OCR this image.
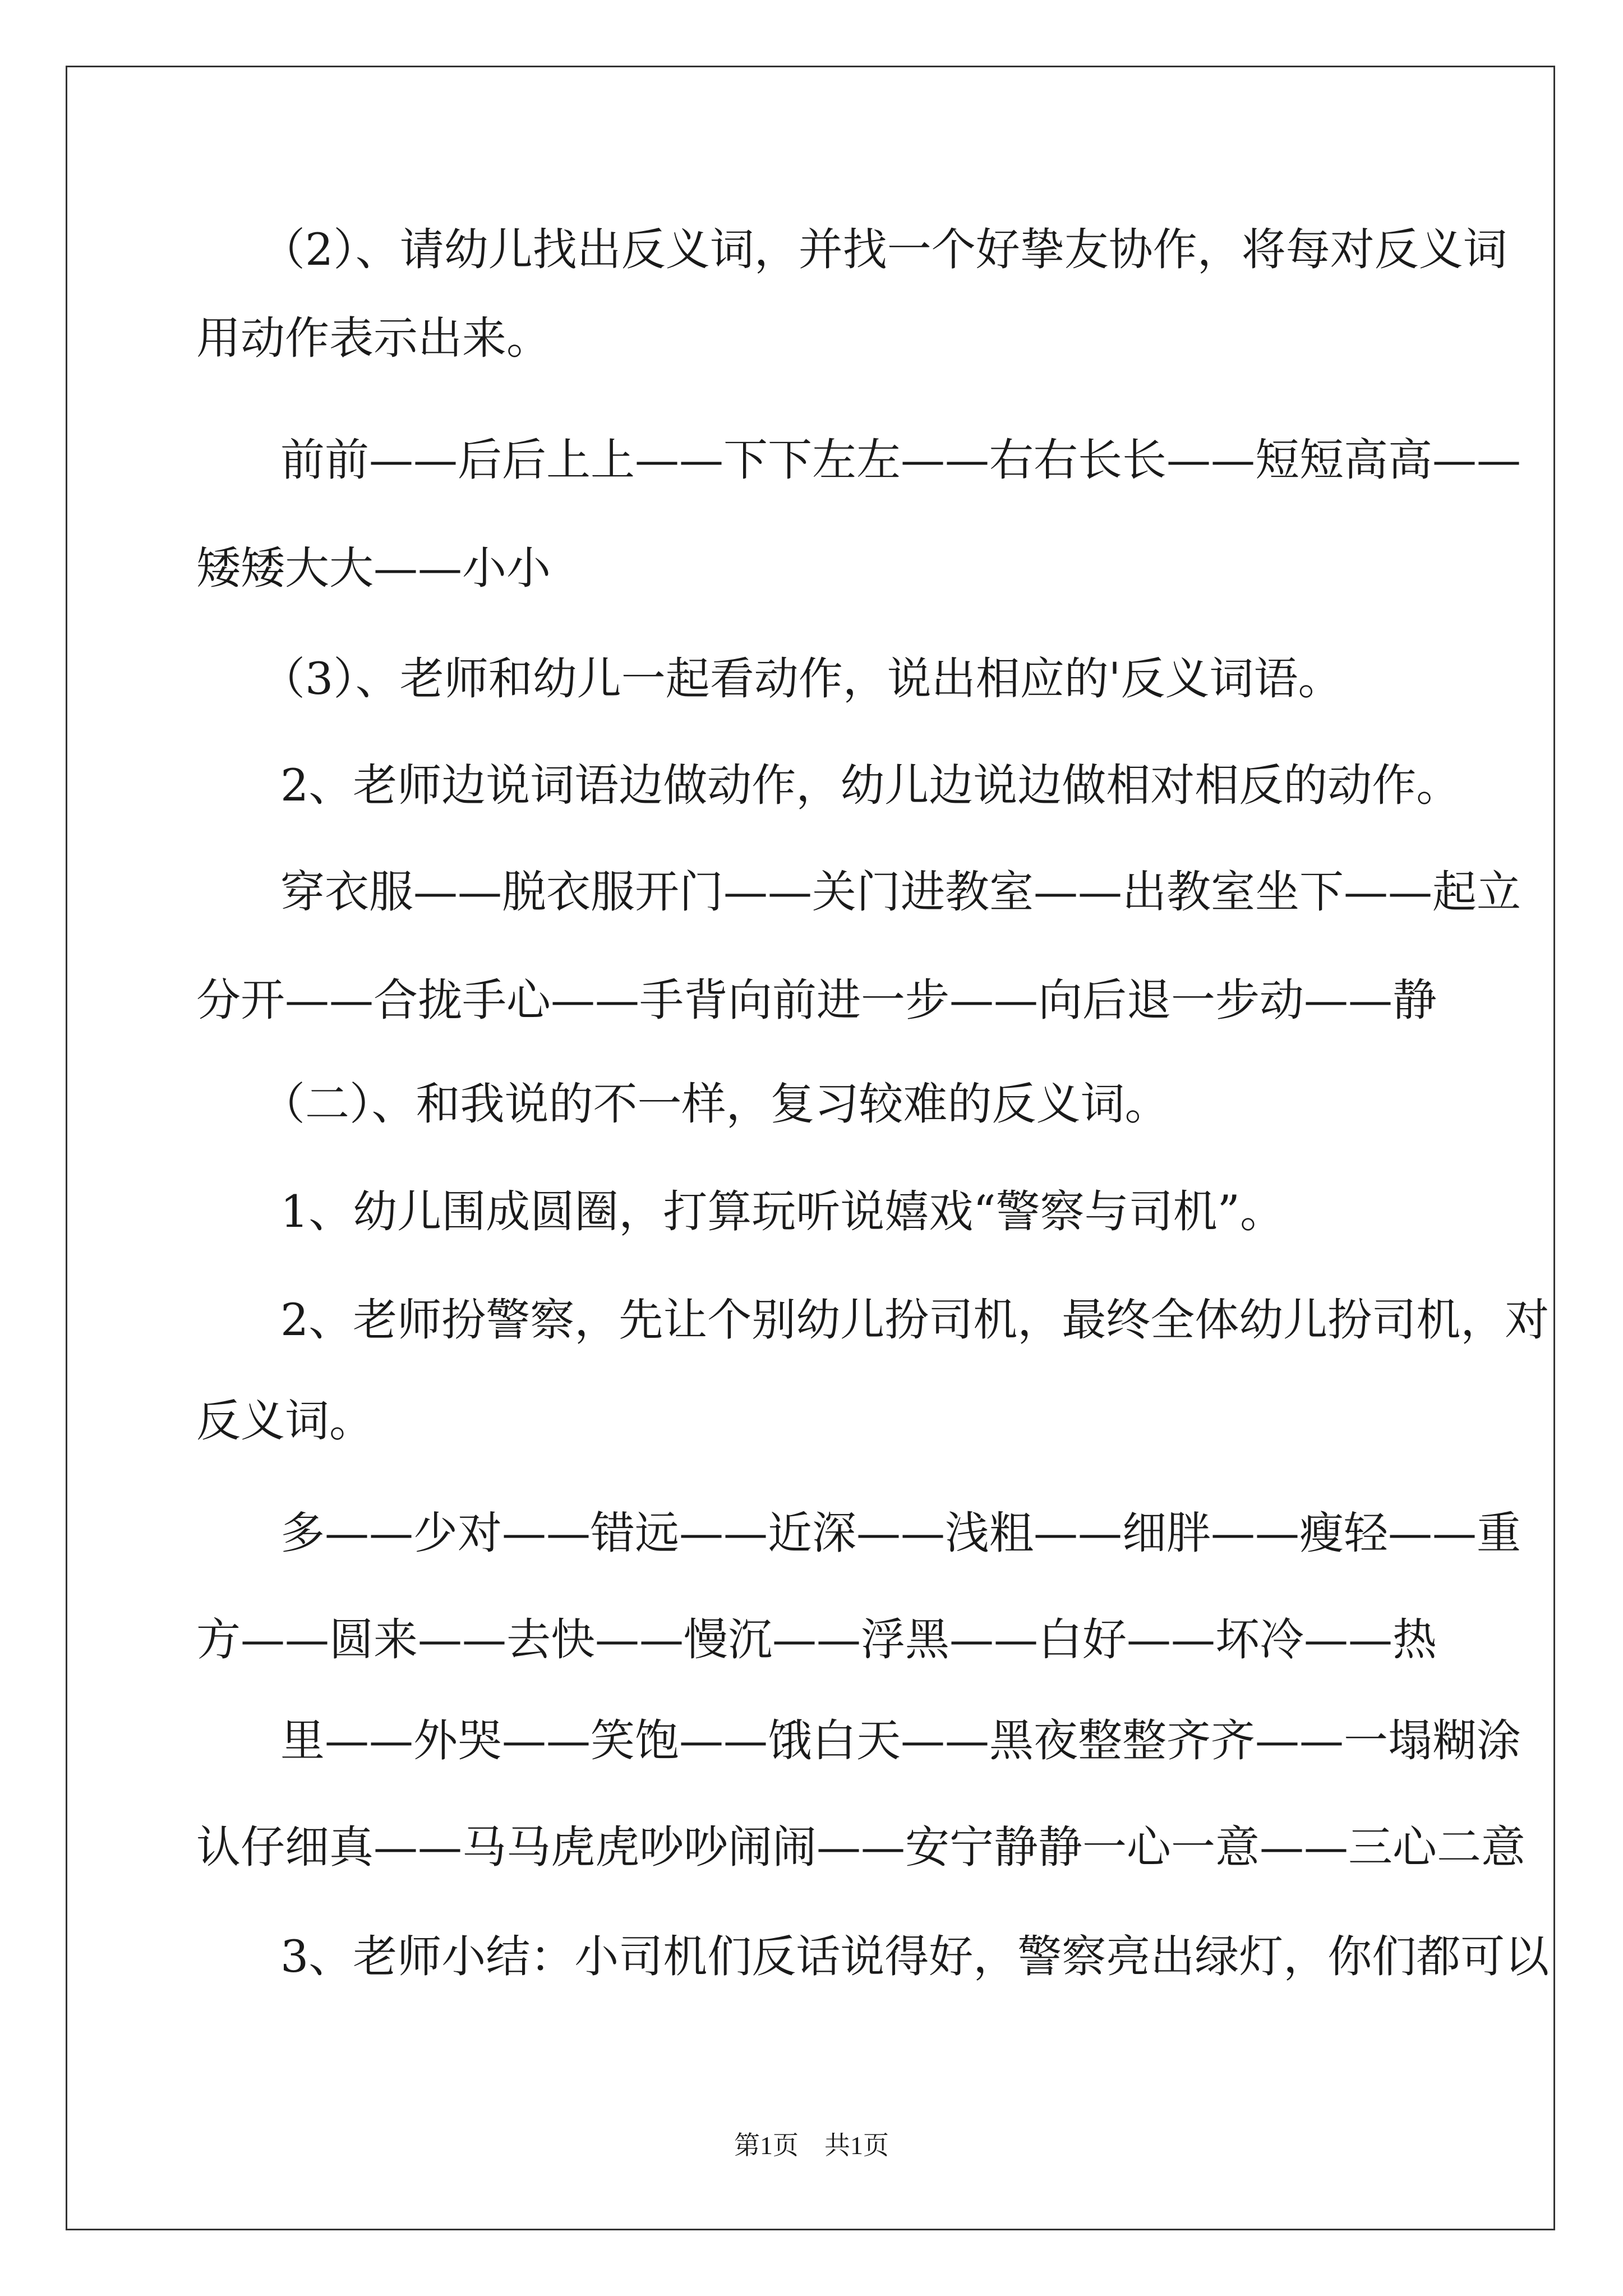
（2）、请幼儿找出反义词，并找一个好挚友协作，将每对反义词
用动作表示出来。
前前——后后上上——下下左左——右右长长——短短高高——
矮矮大大——小小
（3）、老师和幼儿一起看动作，说出相应的'反义词语。
2、老师边说词语边做动作，幼儿边说边做相对相反的动作。
穿衣服——脱衣服开门——关门进教室——出教室坐下——起立
分开——合拢手心——手背向前进一步——向后退一步动——静
（二）、和我说的不一样，复习较难的反义词。
1、幼儿围成圆圈，打算玩听说嬉戏“警察与司机”。
2、老师扮警察，先让个别幼儿扮司机，最终全体幼儿扮司机，对
反义词。
多——少对——错远——近深——浅粗——细胖——瘦轻——重
方——圆来——去快——慢沉——浮黑——白好——坏冷——热
里——外哭——笑饱——饿白天——黑夜整整齐齐——一塌糊涂
认仔细真——马马虎虎吵吵闹闹——安宁静静一心一意——三心二意
3、老师小结：小司机们反话说得好，警察亮出绿灯，你们都可以
第1页　共1页
